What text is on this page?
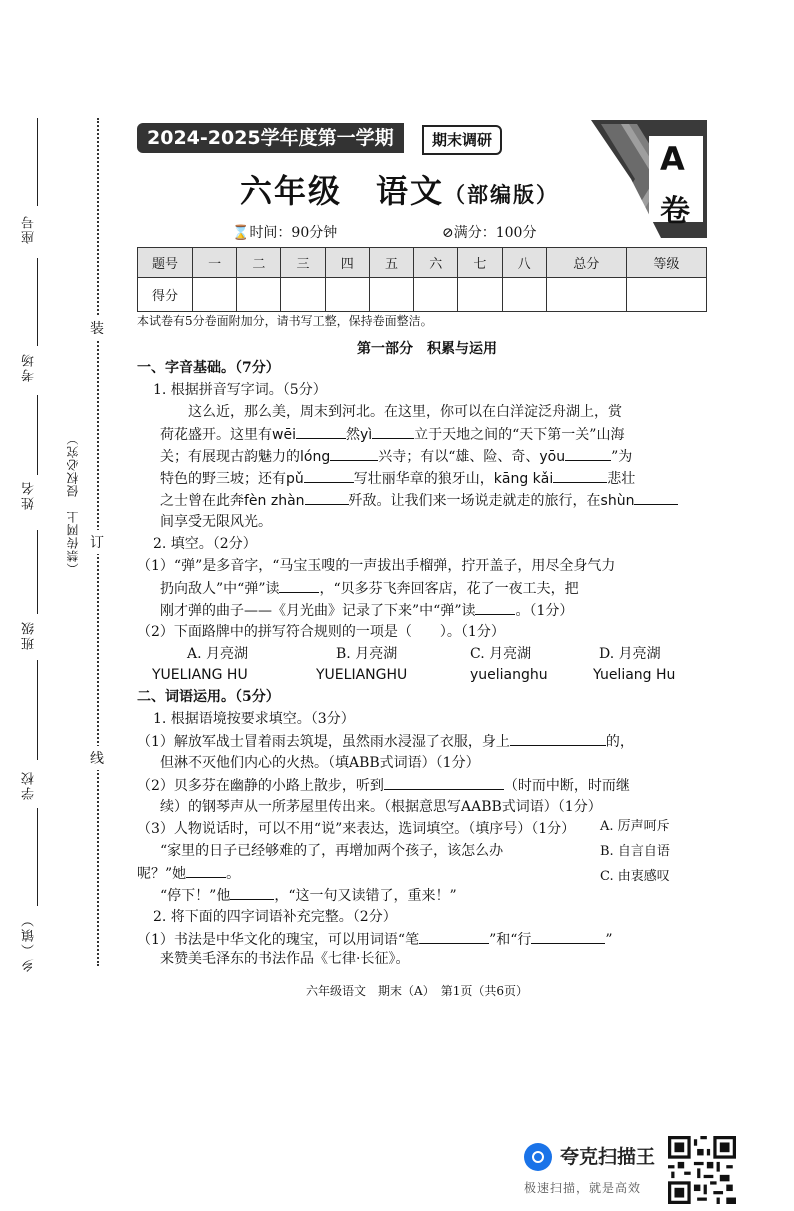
座号
考场
姓名
班级
学校
乡（镇）
装
订
线
（禁传网上　侵权必究）
2024-2025学年度第一学期	期末调研	A
卷
六年级　语文（部编版）
⌛时间：90分钟	⊘满分：100分
题号	一	二	三	四	五	六	七	八	总分	等级
得分										
本试卷有5分卷面附加分，请书写工整，保持卷面整洁。
第一部分　积累与运用
一、字音基础。（7分）
1. 根据拼音写字词。（5分）
这么近，那么美，周末到河北。在这里，你可以在白洋淀泛舟湖上，赏
荷花盛开。这里有wēi	然yì	立于天地之间的“天下第一关”山海
关；有展现古韵魅力的lóng	兴寺；有以“雄、险、奇、yōu	”为
特色的野三坡；还有pǔ	写壮丽华章的狼牙山，kāng kǎi	悲壮
之士曾在此奔fèn zhàn	歼敌。让我们来一场说走就走的旅行，在shùn
间享受无限风光。
2. 填空。（2分）
（1）“弹”是多音字，“马宝玉嗖的一声拔出手榴弹，拧开盖子，用尽全身气力
扔向敌人”中“弹”读	，“贝多芬飞奔回客店，花了一夜工夫，把
刚才弹的曲子——《月光曲》记录了下来”中“弹”读	。（1分）
（2）下面路牌中的拼写符合规则的一项是（　　）。（1分）
A. 月亮湖	B. 月亮湖	C. 月亮湖	D. 月亮湖
YUELIANG HU	YUELIANGHU	yuelianghu	Yueliang Hu
二、词语运用。（5分）
1. 根据语境按要求填空。（3分）
（1）解放军战士冒着雨去筑堤，虽然雨水浸湿了衣服，身上	的，
但淋不灭他们内心的火热。（填ABB式词语）（1分）
（2）贝多芬在幽静的小路上散步，听到	（时而中断，时而继
续）的钢琴声从一所茅屋里传出来。（根据意思写AABB式词语）（1分）
（3）人物说话时，可以不用“说”来表达，选词填空。（填序号）（1分）
“家里的日子已经够难的了，再增加两个孩子，该怎么办
呢？”她	。
“停下！”他	，“这一句又读错了，重来！”
A. 厉声呵斥
B. 自言自语
C. 由衷感叹
2. 将下面的四字词语补充完整。（2分）
（1）书法是中华文化的瑰宝，可以用词语“笔	”和“行	”
来赞美毛泽东的书法作品《七律·长征》。
六年级语文　期末（A）　第1页（共6页）
夸克扫描王
极速扫描，就是高效
